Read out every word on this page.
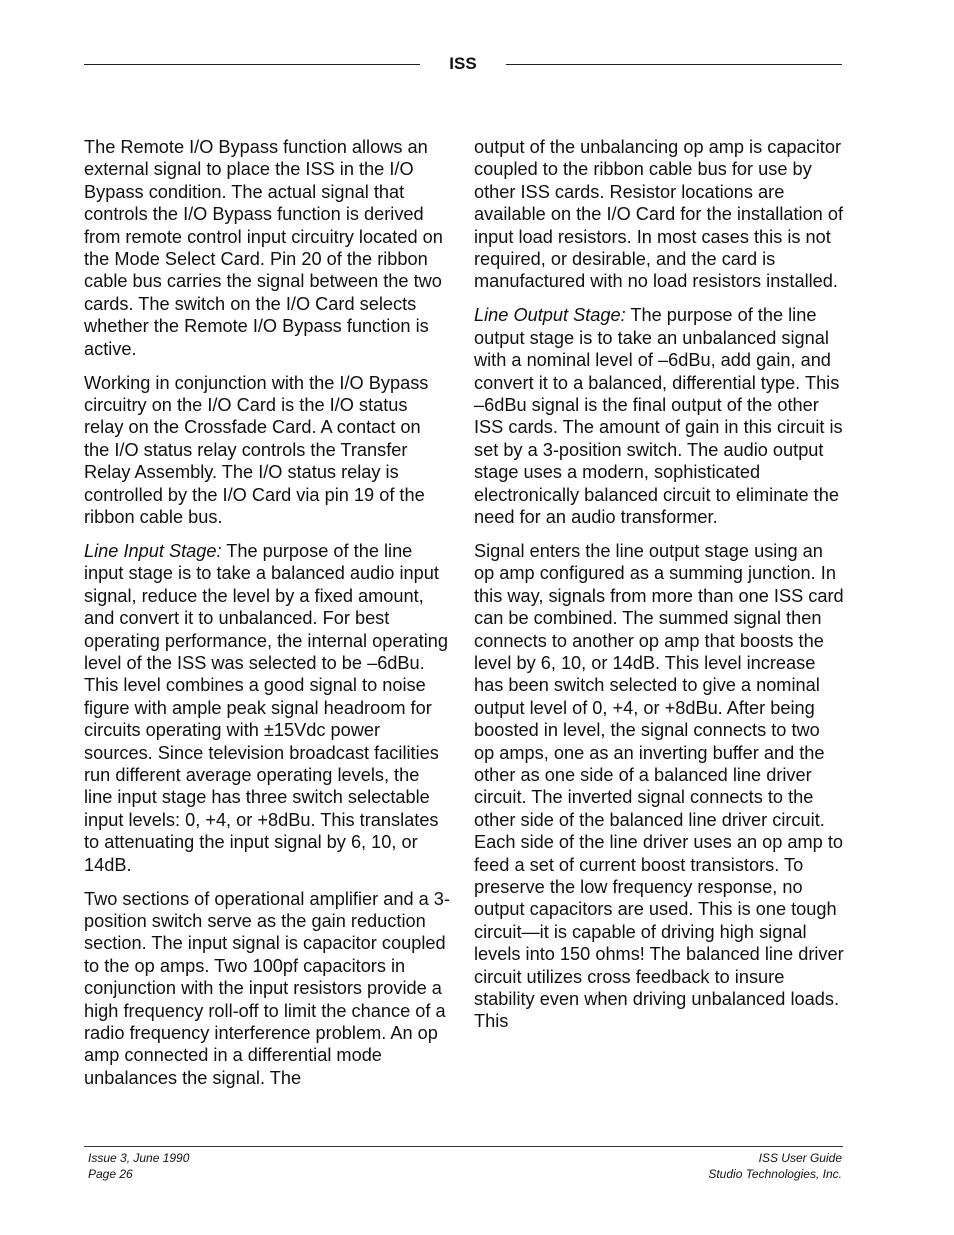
ISS

The Remote I/O Bypass function allows an external signal to place the ISS in the I/O Bypass condition. The actual signal that controls the I/O Bypass function is derived from remote control input circuitry located on the Mode Select Card. Pin 20 of the ribbon cable bus carries the signal between the two cards. The switch on the I/O Card selects whether the Remote I/O Bypass function is active.

Working in conjunction with the I/O Bypass circuitry on the I/O Card is the I/O status relay on the Crossfade Card. A contact on the I/O status relay controls the Transfer Relay Assembly. The I/O status relay is controlled by the I/O Card via pin 19 of the ribbon cable bus.

Line Input Stage: The purpose of the line input stage is to take a balanced audio input signal, reduce the level by a fixed amount, and convert it to unbalanced. For best operating performance, the internal operating level of the ISS was selected to be –6dBu. This level combines a good signal to noise figure with ample peak signal headroom for circuits operating with ±15Vdc power sources. Since television broadcast facilities run different average operating levels, the line input stage has three switch selectable input levels: 0, +4, or +8dBu. This translates to attenuating the input signal by 6, 10, or 14dB.

Two sections of operational amplifier and a 3-position switch serve as the gain reduction section. The input signal is capacitor coupled to the op amps. Two 100pf capacitors in conjunction with the input resistors provide a high frequency roll-off to limit the chance of a radio frequency interference problem. An op amp connected in a differential mode unbalances the signal. The

output of the unbalancing op amp is capacitor coupled to the ribbon cable bus for use by other ISS cards. Resistor locations are available on the I/O Card for the installation of input load resistors. In most cases this is not required, or desirable, and the card is manufactured with no load resistors installed.

Line Output Stage: The purpose of the line output stage is to take an unbalanced signal with a nominal level of –6dBu, add gain, and convert it to a balanced, differential type. This –6dBu signal is the final output of the other ISS cards. The amount of gain in this circuit is set by a 3-position switch. The audio output stage uses a modern, sophisticated electronically balanced circuit to eliminate the need for an audio transformer.

Signal enters the line output stage using an op amp configured as a summing junction. In this way, signals from more than one ISS card can be combined. The summed signal then connects to another op amp that boosts the level by 6, 10, or 14dB. This level increase has been switch selected to give a nominal output level of 0, +4, or +8dBu. After being boosted in level, the signal connects to two op amps, one as an inverting buffer and the other as one side of a balanced line driver circuit. The inverted signal connects to the other side of the balanced line driver circuit. Each side of the line driver uses an op amp to feed a set of current boost transistors. To preserve the low frequency response, no output capacitors are used. This is one tough circuit—it is capable of driving high signal levels into 150 ohms! The balanced line driver circuit utilizes cross feedback to insure stability even when driving unbalanced loads. This

Issue 3, June 1990
Page 26
ISS User Guide
Studio Technologies, Inc.
